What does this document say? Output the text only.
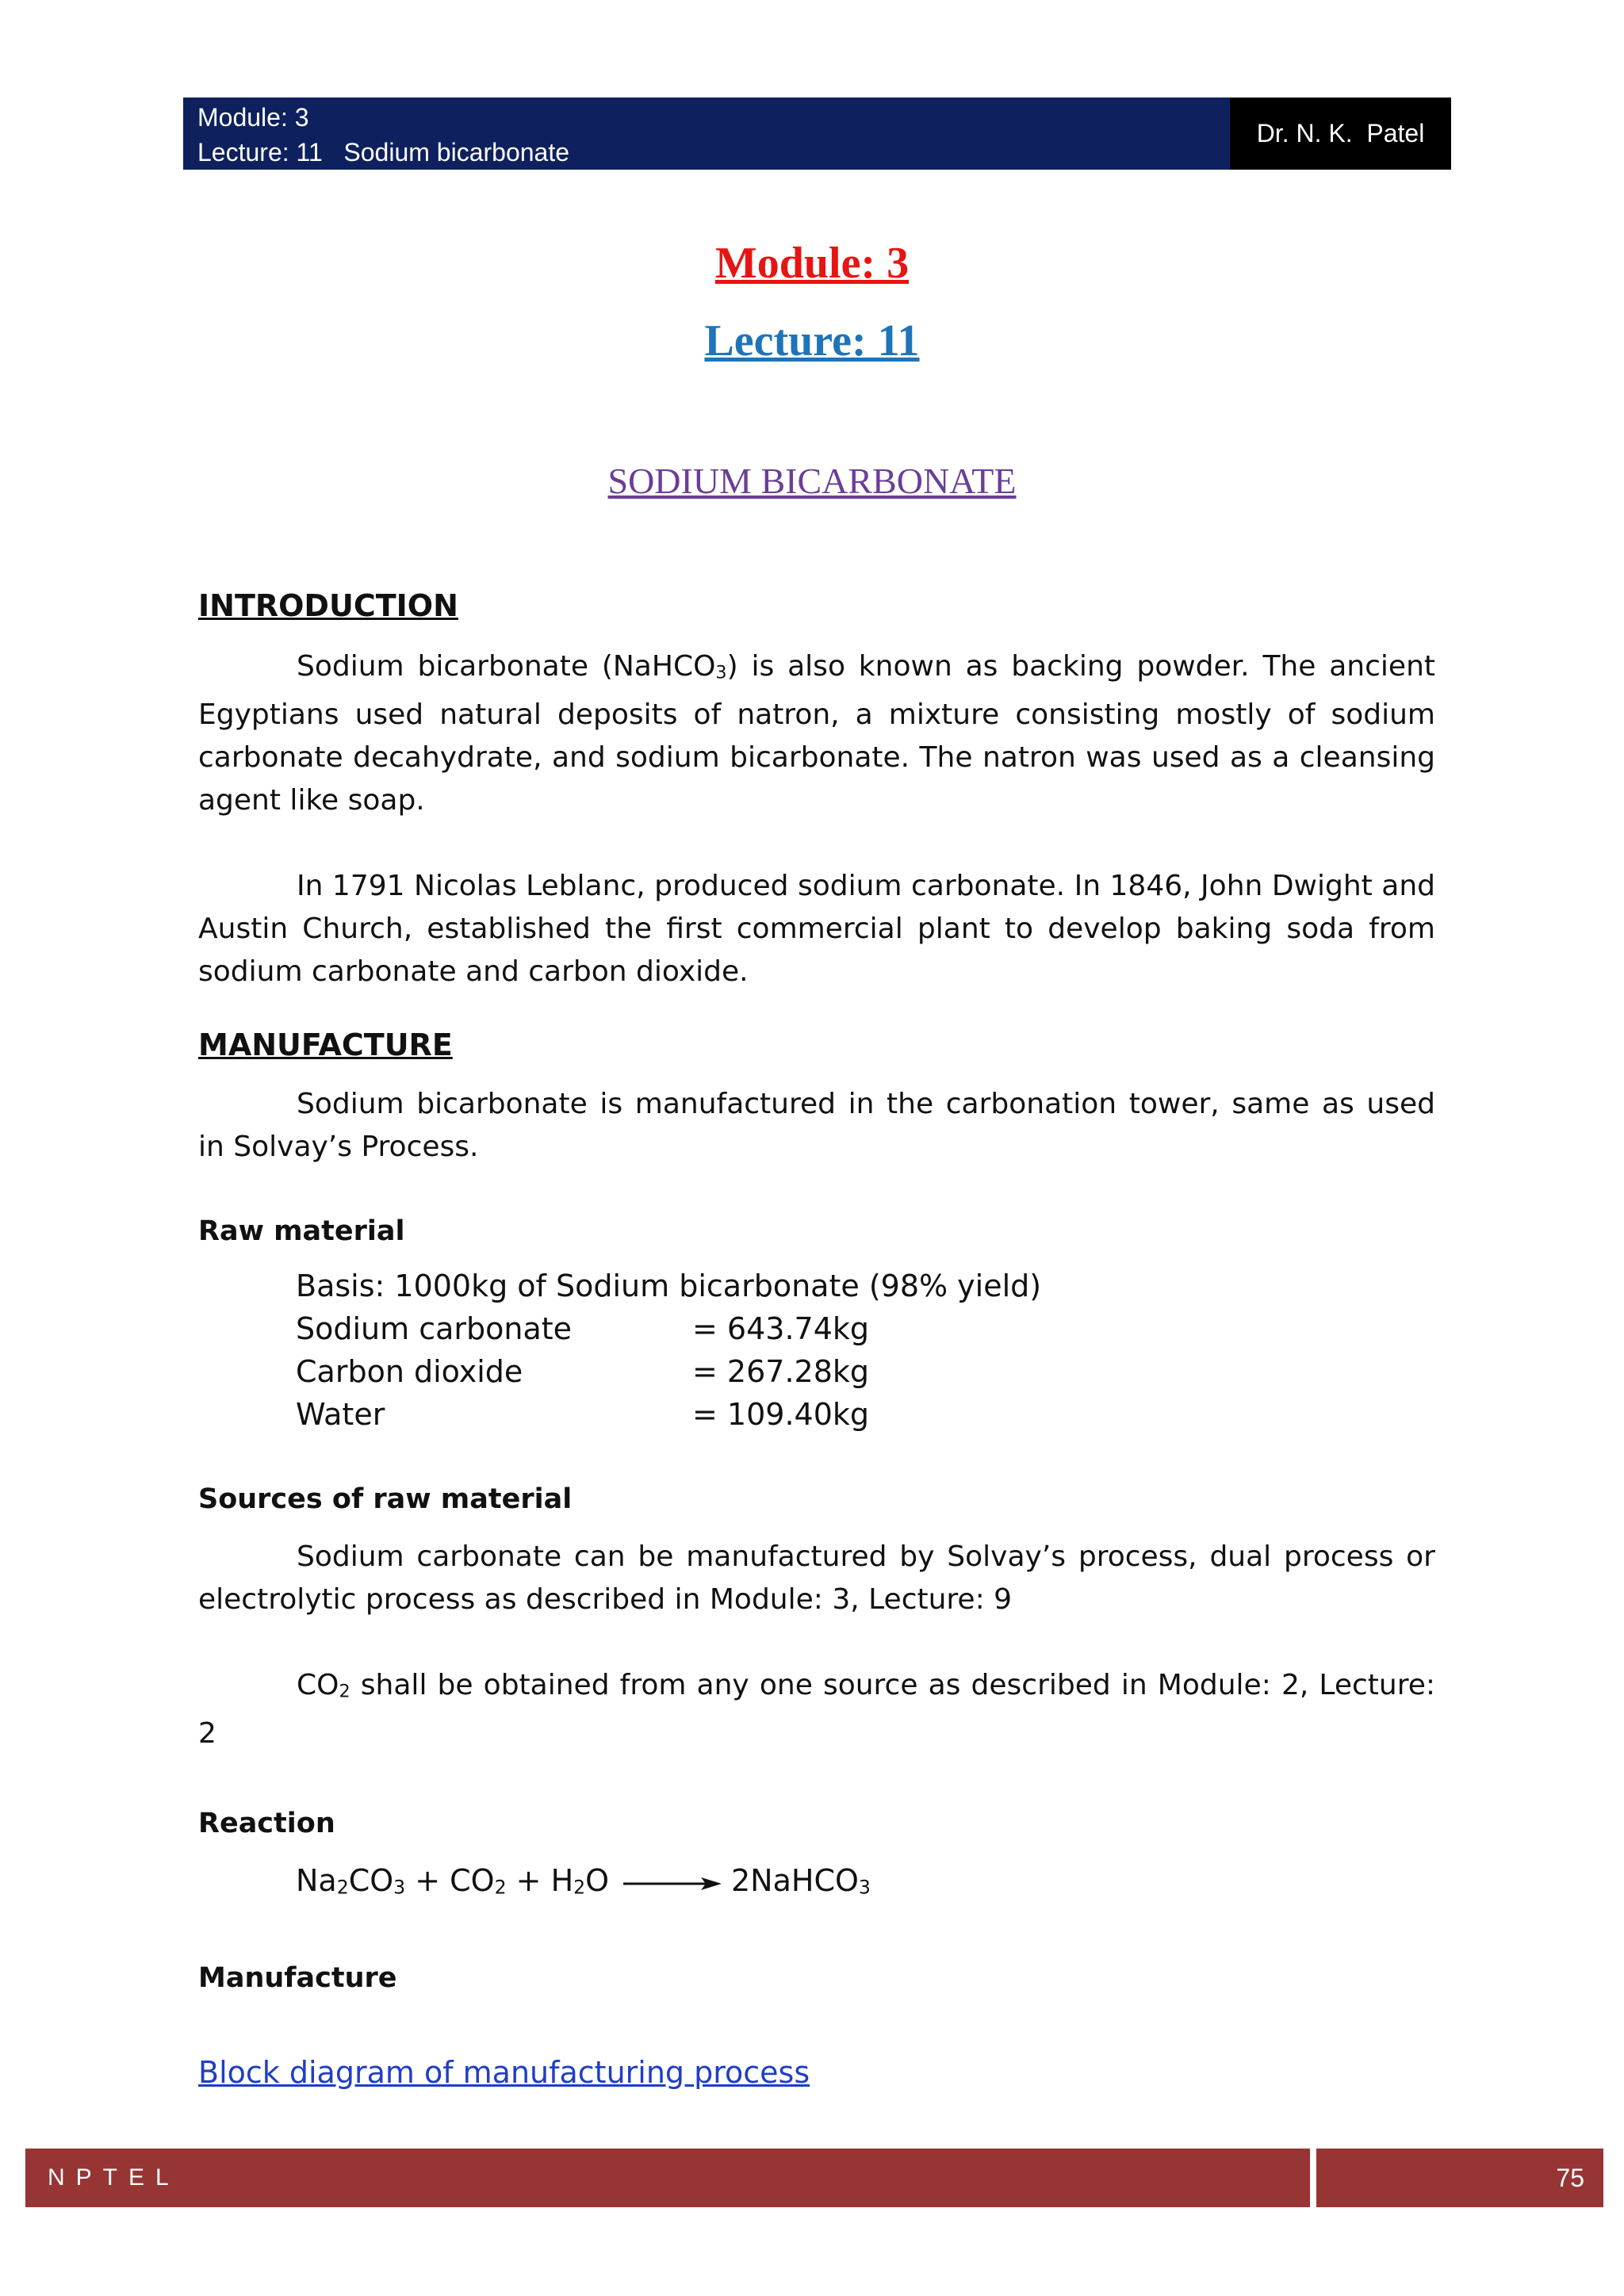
Module: 3
Lecture: 11   Sodium bicarbonate
Dr. N. K.  Patel
Module: 3
Lecture: 11
SODIUM BICARBONATE
INTRODUCTION

Sodium bicarbonate (NaHCO$_3$) is also known as backing powder. The ancient Egyptians used natural deposits of natron, a mixture consisting mostly of sodium carbonate decahydrate, and sodium bicarbonate. The natron was used as a cleansing agent like soap.

In 1791 Nicolas Leblanc, produced sodium carbonate. In 1846, John Dwight and Austin Church, established the first commercial plant to develop baking soda from sodium carbonate and carbon dioxide.

MANUFACTURE

Sodium bicarbonate is manufactured in the carbonation tower, same as used in Solvay’s Process.

Raw material
Basis: 1000kg of Sodium bicarbonate (98% yield)
Sodium carbonate	= 643.74kg
Carbon dioxide	= 267.28kg
Water	= 109.40kg
Sources of raw material

Sodium carbonate can be manufactured by Solvay’s process, dual process or electrolytic process as described in Module: 3, Lecture: 9

$CO_2$ shall be obtained from any one source as described in Module: 2, Lecture: 2

Reaction
$Na_2CO_3 + CO_2 + H_2O$	2NaHCO$_3$
Manufacture
Block diagram of manufacturing process
NPTEL	75
